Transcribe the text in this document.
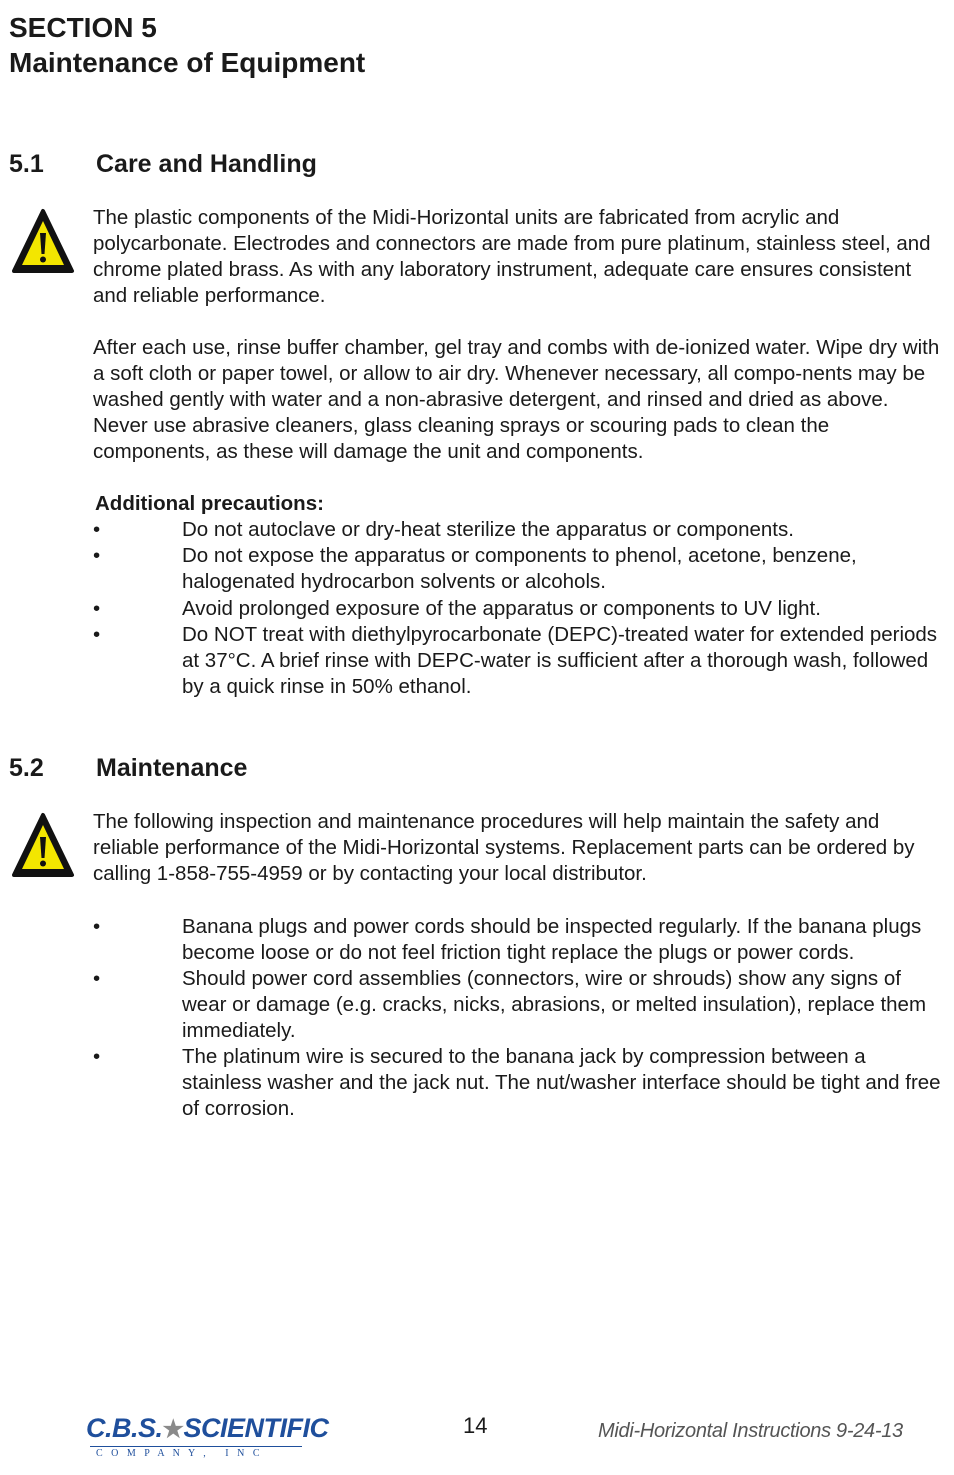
SECTION 5
Maintenance of Equipment
5.1 Care and Handling

The plastic components of the Midi-Horizontal units are fabricated from acrylic and polycarbonate. Electrodes and connectors are made from pure platinum, stainless steel, and chrome plated brass. As with any laboratory instrument, adequate care ensures consistent and reliable performance.

After each use, rinse buffer chamber, gel tray and combs with de-ionized water. Wipe dry with a soft cloth or paper towel, or allow to air dry. Whenever necessary, all compo-nents may be washed gently with water and a non-abrasive detergent, and rinsed and dried as above. Never use abrasive cleaners, glass cleaning sprays or scouring pads to clean the components, as these will damage the unit and components.

Additional precautions:

•	Do not autoclave or dry-heat sterilize the apparatus or components.
•	Do not expose the apparatus or components to phenol, acetone, benzene, halogenated hydrocarbon solvents or alcohols.
•	Avoid prolonged exposure of the apparatus or components to UV light.
•	Do NOT treat with diethylpyrocarbonate (DEPC)-treated water for extended periods at 37°C. A brief rinse with DEPC-water is sufficient after a thorough wash, followed by a quick rinse in 50% ethanol.
5.2 Maintenance

The following inspection and maintenance procedures will help maintain the safety and reliable performance of the Midi-Horizontal systems. Replacement parts can be ordered by calling 1-858-755-4959 or by contacting your local distributor.

•	Banana plugs and power cords should be inspected regularly. If the banana plugs become loose or do not feel friction tight replace the plugs or power cords.
•	Should power cord assemblies (connectors, wire or shrouds) show any signs of wear or damage (e.g. cracks, nicks, abrasions, or melted insulation), replace them immediately.
•	The platinum wire is secured to the banana jack by compression between a stainless washer and the jack nut. The nut/washer interface should be tight and free of corrosion.
C.B.S.★SCIENTIFIC
C O M P A N Y ,   I N C
14	Midi-Horizontal Instructions 9-24-13
